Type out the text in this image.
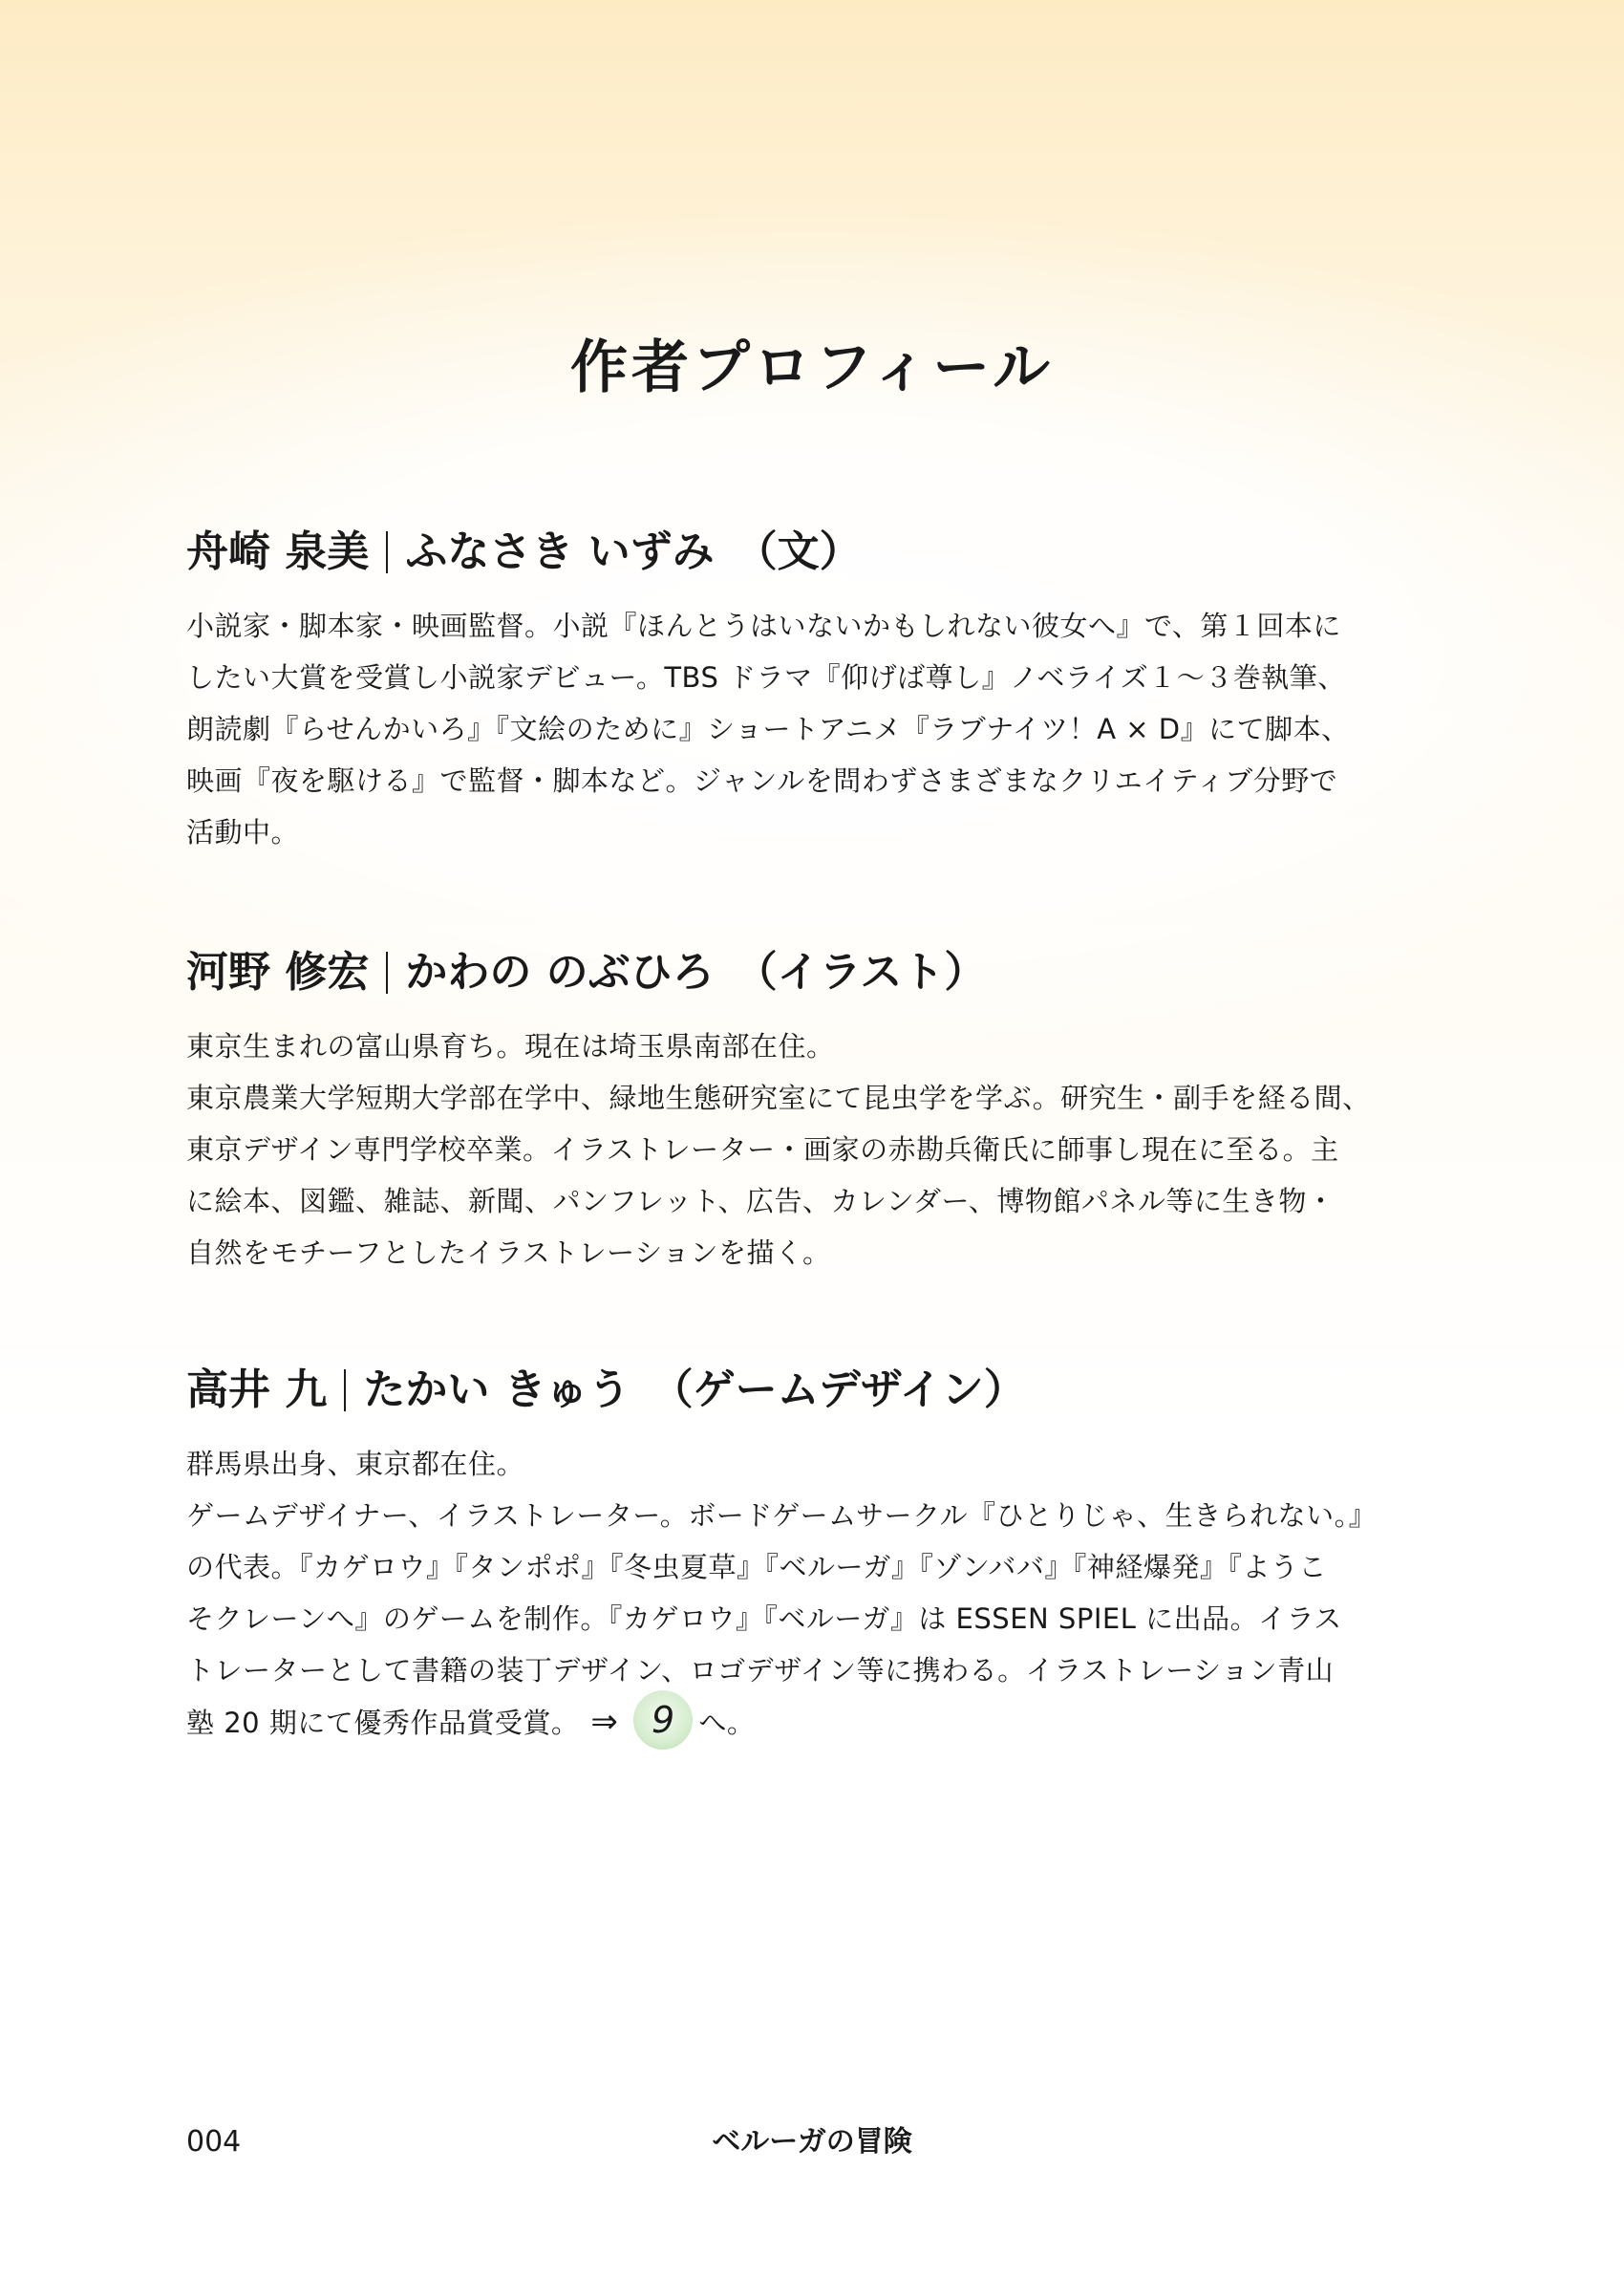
作者プロフィール
舟崎 泉美 ふなさき いずみ （文）

小説家・脚本家・映画監督。小説『ほんとうはいないかもしれない彼女へ』で、第１回本に

したい大賞を受賞し小説家デビュー。TBS ドラマ『仰げば尊し』ノベライズ１〜３巻執筆、

朗読劇『らせんかいろ』『文絵のために』ショートアニメ『ラブナイツ！A × D』にて脚本、

映画『夜を駆ける』で監督・脚本など。ジャンルを問わずさまざまなクリエイティブ分野で

活動中。

河野 修宏 かわの のぶひろ （イラスト）

東京生まれの富山県育ち。現在は埼玉県南部在住。

東京農業大学短期大学部在学中、緑地生態研究室にて昆虫学を学ぶ。研究生・副手を経る間、

東京デザイン専門学校卒業。イラストレーター・画家の赤勘兵衛氏に師事し現在に至る。主

に絵本、図鑑、雑誌、新聞、パンフレット、広告、カレンダー、博物館パネル等に生き物・

自然をモチーフとしたイラストレーションを描く。

高井 九 たかい きゅう （ゲームデザイン）

群馬県出身、東京都在住。

ゲームデザイナー、イラストレーター。ボードゲームサークル『ひとりじゃ、生きられない。』

の代表。『カゲロウ』『タンポポ』『冬虫夏草』『ベルーガ』『ゾンババ』『神経爆発』『ようこ

そクレーンへ』のゲームを制作。『カゲロウ』『ベルーガ』は ESSEN SPIEL に出品。イラス

トレーターとして書籍の装丁デザイン、ロゴデザイン等に携わる。イラストレーション青山

塾 20 期にて優秀作品賞受賞。 ⇒ 9 へ。

004	ベルーガの冒険
